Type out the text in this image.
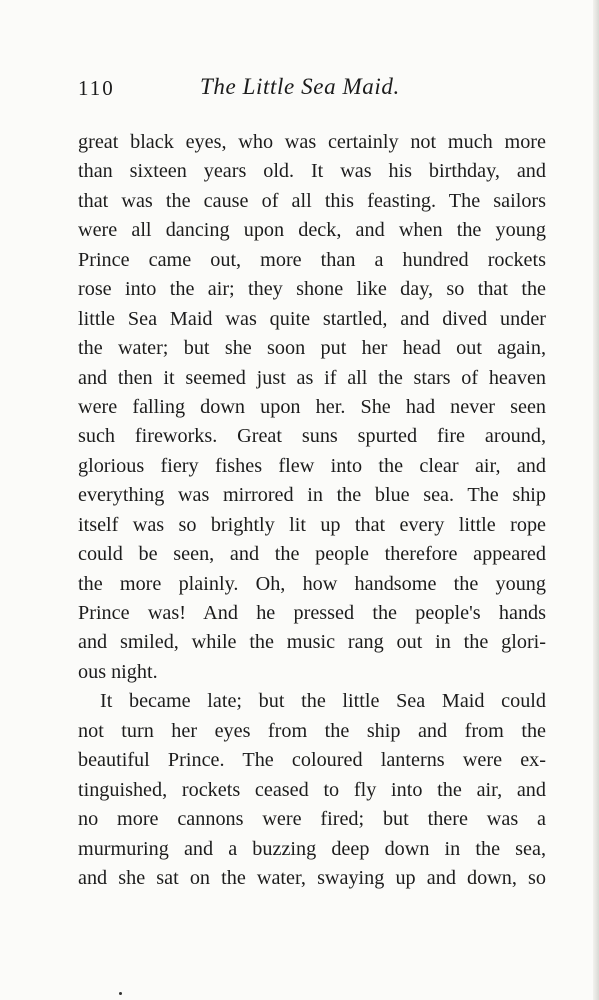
110	The Little Sea Maid.
great black eyes, who was certainly not much more
than sixteen years old. It was his birthday, and
that was the cause of all this feasting. The sailors
were all dancing upon deck, and when the young
Prince came out, more than a hundred rockets
rose into the air; they shone like day, so that the
little Sea Maid was quite startled, and dived under
the water; but she soon put her head out again,
and then it seemed just as if all the stars of heaven
were falling down upon her. She had never seen
such fireworks. Great suns spurted fire around,
glorious fiery fishes flew into the clear air, and
everything was mirrored in the blue sea. The ship
itself was so brightly lit up that every little rope
could be seen, and the people therefore appeared
the more plainly. Oh, how handsome the young
Prince was! And he pressed the people's hands
and smiled, while the music rang out in the glori-
ous night.
It became late; but the little Sea Maid could
not turn her eyes from the ship and from the
beautiful Prince. The coloured lanterns were ex-
tinguished, rockets ceased to fly into the air, and
no more cannons were fired; but there was a
murmuring and a buzzing deep down in the sea,
and she sat on the water, swaying up and down, so
